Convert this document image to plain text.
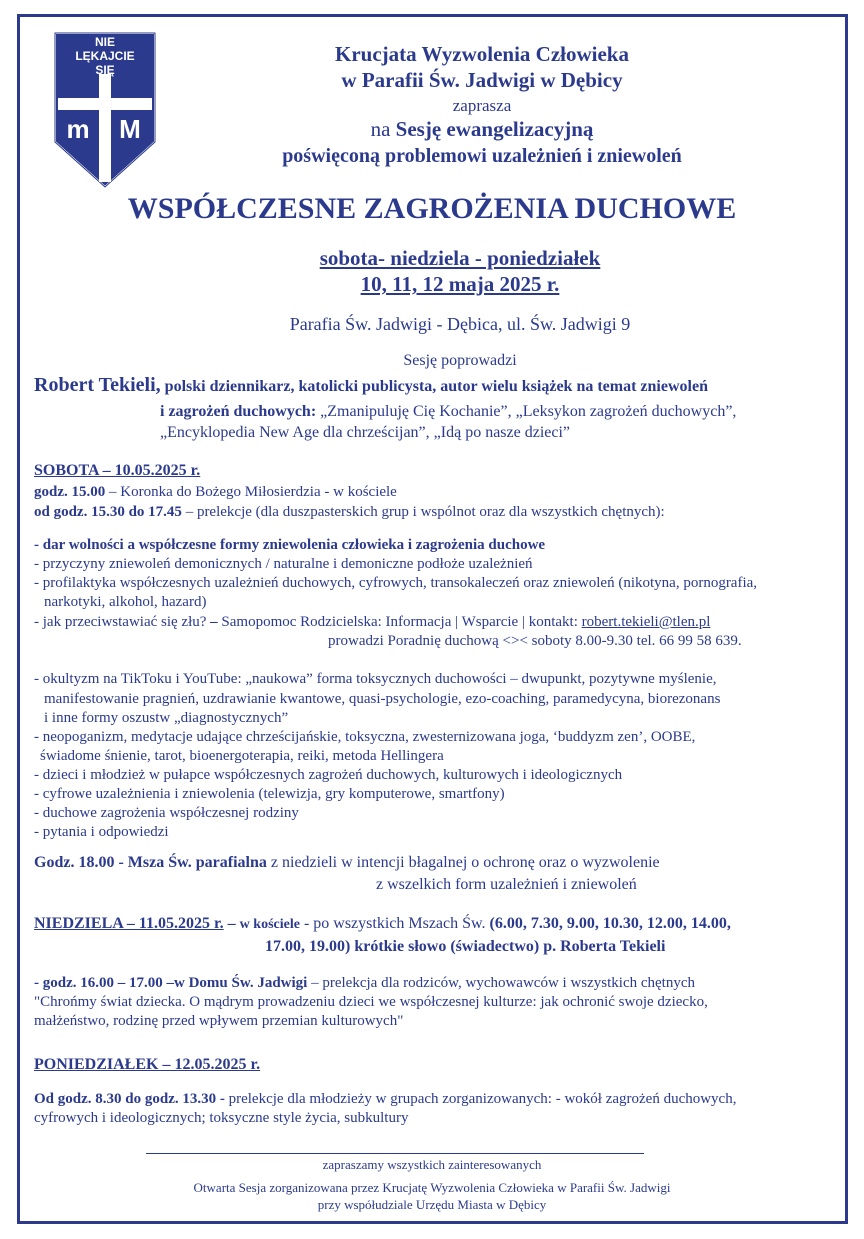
NIE
LĘKAJCIE
SIĘ
m M
Krucjata Wyzwolenia Człowieka
w Parafii Św. Jadwigi w Dębicy
zaprasza
na Sesję ewangelizacyjną
poświęconą problemowi uzależnień i zniewoleń
WSPÓŁCZESNE ZAGROŻENIA DUCHOWE
sobota- niedziela - poniedziałek
10, 11, 12 maja 2025 r.
Parafia Św. Jadwigi - Dębica, ul. Św. Jadwigi 9
Sesję poprowadzi
Robert Tekieli, polski dziennikarz, katolicki publicysta, autor wielu książek na temat zniewoleń
i zagrożeń duchowych: „Zmanipuluję Cię Kochanie”, „Leksykon zagrożeń duchowych”,
„Encyklopedia New Age dla chrześcijan”, „Idą po nasze dzieci”
SOBOTA – 10.05.2025 r.
godz. 15.00 – Koronka do Bożego Miłosierdzia - w kościele
od godz. 15.30 do 17.45 – prelekcje (dla duszpasterskich grup i wspólnot oraz dla wszystkich chętnych):
- dar wolności a współczesne formy zniewolenia człowieka i zagrożenia duchowe
- przyczyny zniewoleń demonicznych / naturalne i demoniczne podłoże uzależnień
- profilaktyka współczesnych uzależnień duchowych, cyfrowych, transokaleczeń oraz zniewoleń (nikotyna, pornografia,
narkotyki, alkohol, hazard)
- jak przeciwstawiać się złu? – Samopomoc Rodzicielska: Informacja | Wsparcie | kontakt: robert.tekieli@tlen.pl
prowadzi Poradnię duchową <>< soboty 8.00-9.30 tel. 66 99 58 639.
- okultyzm na TikToku i YouTube: „naukowa” forma toksycznych duchowości – dwupunkt, pozytywne myślenie,
manifestowanie pragnień, uzdrawianie kwantowe, quasi-psychologie, ezo-coaching, paramedycyna, biorezonans
i inne formy oszustw „diagnostycznych”
- neopoganizm, medytacje udające chrześcijańskie, toksyczna, zwesternizowana joga, ‘buddyzm zen’, OOBE,
świadome śnienie, tarot, bioenergoterapia, reiki, metoda Hellingera
- dzieci i młodzież w pułapce współczesnych zagrożeń duchowych, kulturowych i ideologicznych
- cyfrowe uzależnienia i zniewolenia (telewizja, gry komputerowe, smartfony)
- duchowe zagrożenia współczesnej rodziny
- pytania i odpowiedzi
Godz. 18.00 - Msza Św. parafialna z niedzieli w intencji błagalnej o ochronę oraz o wyzwolenie
z wszelkich form uzależnień i zniewoleń
NIEDZIELA – 11.05.2025 r. – w kościele - po wszystkich Mszach Św. (6.00, 7.30, 9.00, 10.30, 12.00, 14.00,
17.00, 19.00) krótkie słowo (świadectwo) p. Roberta Tekieli
- godz. 16.00 – 17.00 –w Domu Św. Jadwigi – prelekcja dla rodziców, wychowawców i wszystkich chętnych
"Chrońmy świat dziecka. O mądrym prowadzeniu dzieci we współczesnej kulturze: jak ochronić swoje dziecko,
małżeństwo, rodzinę przed wpływem przemian kulturowych"
PONIEDZIAŁEK – 12.05.2025 r.
Od godz. 8.30 do godz. 13.30 - prelekcje dla młodzieży w grupach zorganizowanych: - wokół zagrożeń duchowych,
cyfrowych i ideologicznych; toksyczne style życia, subkultury
zapraszamy wszystkich zainteresowanych
Otwarta Sesja zorganizowana przez Krucjatę Wyzwolenia Człowieka w Parafii Św. Jadwigi
przy współudziale Urzędu Miasta w Dębicy
